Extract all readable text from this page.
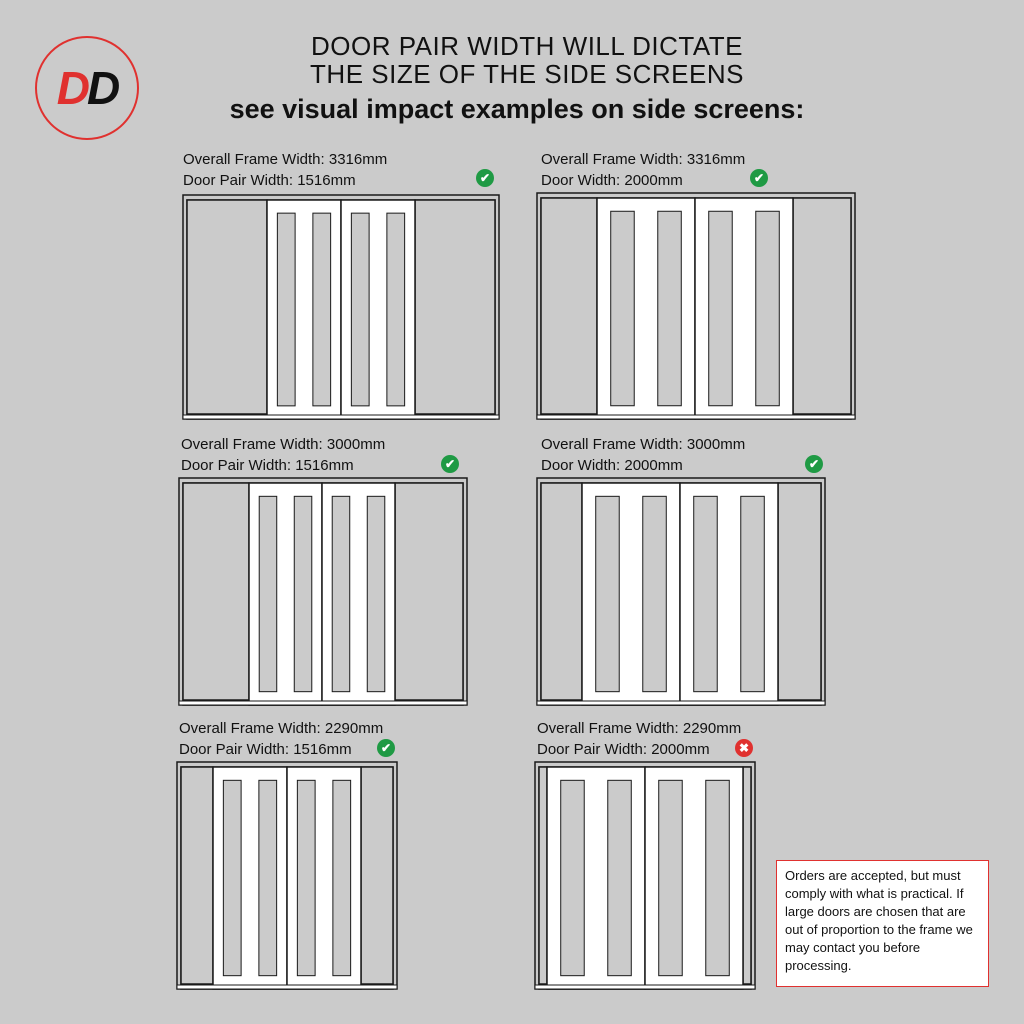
D D
DOOR PAIR WIDTH WILL DICTATE
THE SIZE OF THE SIDE SCREENS
see visual impact examples on side screens:
Overall Frame Width: 3316mm
Door Pair Width: 1516mm	✔
Overall Frame Width: 3316mm
Door Width: 2000mm	✔
Overall Frame Width: 3000mm
Door Pair Width: 1516mm	✔
Overall Frame Width: 3000mm
Door Width: 2000mm	✔
Overall Frame Width: 2290mm
Door Pair Width: 1516mm	✔
Overall Frame Width: 2290mm
Door Pair Width: 2000mm	✖
Orders are accepted, but must comply with what is practical. If large doors are chosen that are out of proportion to the frame we may contact you before processing.
